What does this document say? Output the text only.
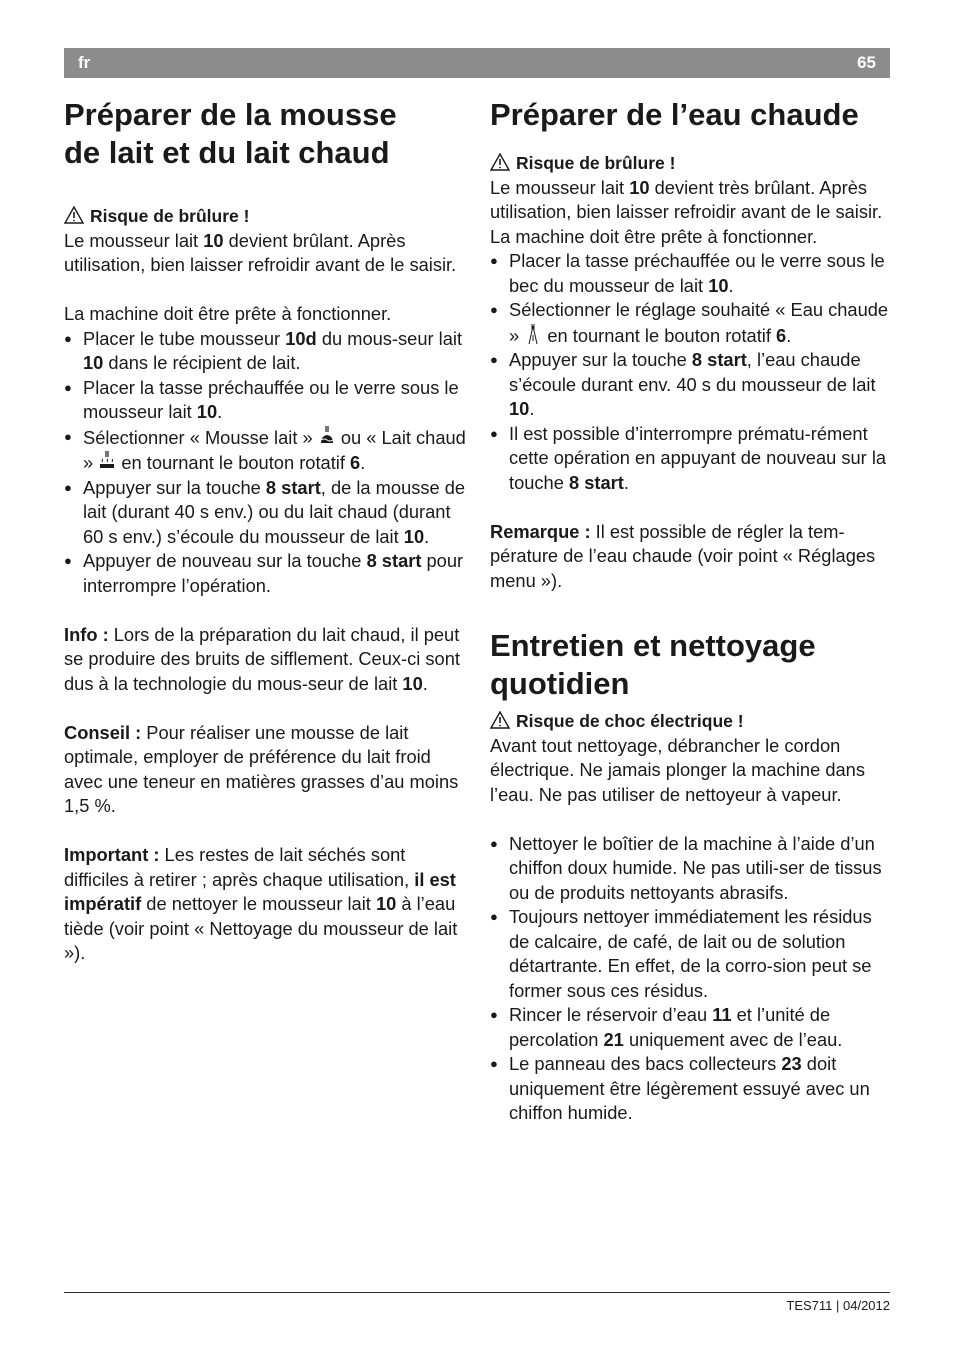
fr	65
Préparer de la mousse
de lait et du lait chaud

Risque de brûlure !

Le mousseur lait 10 devient brûlant. Après utilisation, bien laisser refroidir avant de le saisir.

La machine doit être prête à fonctionner.

● Placer le tube mousseur 10d du mous-seur lait 10 dans le récipient de lait.
● Placer la tasse préchauffée ou le verre sous le mousseur lait 10.
● Sélectionner « Mousse lait »  ou « Lait chaud »  en tournant le bouton rotatif 6.
● Appuyer sur la touche 8 start, de la mousse de lait (durant 40 s env.) ou du lait chaud (durant 60 s env.) s’écoule du mousseur de lait 10.
● Appuyer de nouveau sur la touche 8 start pour interrompre l’opération.

Info : Lors de la préparation du lait chaud, il peut se produire des bruits de sifflement. Ceux-ci sont dus à la technologie du mous-seur de lait 10.

Conseil : Pour réaliser une mousse de lait optimale, employer de préférence du lait froid avec une teneur en matières grasses d’au moins 1,5 %.

Important : Les restes de lait séchés sont difficiles à retirer ; après chaque utilisation, il est impératif de nettoyer le mousseur lait 10 à l’eau tiède (voir point « Nettoyage du mousseur de lait »).

Préparer de l’eau chaude

Risque de brûlure !

Le mousseur lait 10 devient très brûlant. Après utilisation, bien laisser refroidir avant de le saisir.

La machine doit être prête à fonctionner.

● Placer la tasse préchauffée ou le verre sous le bec du mousseur de lait 10.
● Sélectionner le réglage souhaité « Eau chaude »  en tournant le bouton rotatif 6.
● Appuyer sur la touche 8 start, l’eau chaude s’écoule durant env. 40 s du mousseur de lait 10.
● Il est possible d’interrompre prématu-rément cette opération en appuyant de nouveau sur la touche 8 start.

Remarque : Il est possible de régler la tem-pérature de l’eau chaude (voir point « Réglages menu »).

Entretien et nettoyage
quotidien

Risque de choc électrique !

Avant tout nettoyage, débrancher le cordon électrique. Ne jamais plonger la machine dans l’eau. Ne pas utiliser de nettoyeur à vapeur.

● Nettoyer le boîtier de la machine à l’aide d’un chiffon doux humide. Ne pas utili-ser de tissus ou de produits nettoyants abrasifs.
● Toujours nettoyer immédiatement les résidus de calcaire, de café, de lait ou de solution détartrante. En effet, de la corro-sion peut se former sous ces résidus.
● Rincer le réservoir d’eau 11 et l’unité de percolation 21 uniquement avec de l’eau.
● Le panneau des bacs collecteurs 23 doit uniquement être légèrement essuyé avec un chiffon humide.
TES711 | 04/2012
